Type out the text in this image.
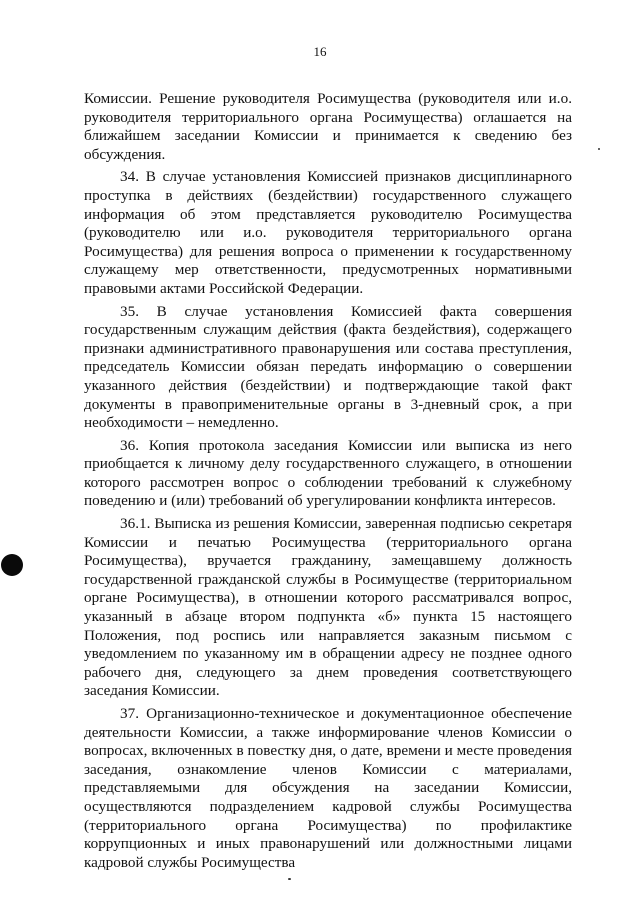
16

Комиссии. Решение руководителя Росимущества (руководителя или и.о. руководителя территориального органа Росимущества) оглашается на ближайшем заседании Комиссии и принимается к сведению без обсуждения.

34. В случае установления Комиссией признаков дисциплинарного проступка в действиях (бездействии) государственного служащего информация об этом представляется руководителю Росимущества (руководителю или и.о. руководителя территориального органа Росимущества) для решения вопроса о применении к государственному служащему мер ответственности, предусмотренных нормативными правовыми актами Российской Федерации.

35. В случае установления Комиссией факта совершения государственным служащим действия (факта бездействия), содержащего признаки административного правонарушения или состава преступления, председатель Комиссии обязан передать информацию о совершении указанного действия (бездействии) и подтверждающие такой факт документы в правоприменительные органы в 3-дневный срок, а при необходимости – немедленно.

36. Копия протокола заседания Комиссии или выписка из него приобщается к личному делу государственного служащего, в отношении которого рассмотрен вопрос о соблюдении требований к служебному поведению и (или) требований об урегулировании конфликта интересов.

36.1. Выписка из решения Комиссии, заверенная подписью секретаря Комиссии и печатью Росимущества (территориального органа Росимущества), вручается гражданину, замещавшему должность государственной гражданской службы в Росимуществе (территориальном органе Росимущества), в отношении которого рассматривался вопрос, указанный в абзаце втором подпункта «б» пункта 15 настоящего Положения, под роспись или направляется заказным письмом с уведомлением по указанному им в обращении адресу не позднее одного рабочего дня, следующего за днем проведения соответствующего заседания Комиссии.

37. Организационно-техническое и документационное обеспечение деятельности Комиссии, а также информирование членов Комиссии о вопросах, включенных в повестку дня, о дате, времени и месте проведения заседания, ознакомление членов Комиссии с материалами, представляемыми для обсуждения на заседании Комиссии, осуществляются подразделением кадровой службы Росимущества (территориального органа Росимущества) по профилактике коррупционных и иных правонарушений или должностными лицами кадровой службы Росимущества
